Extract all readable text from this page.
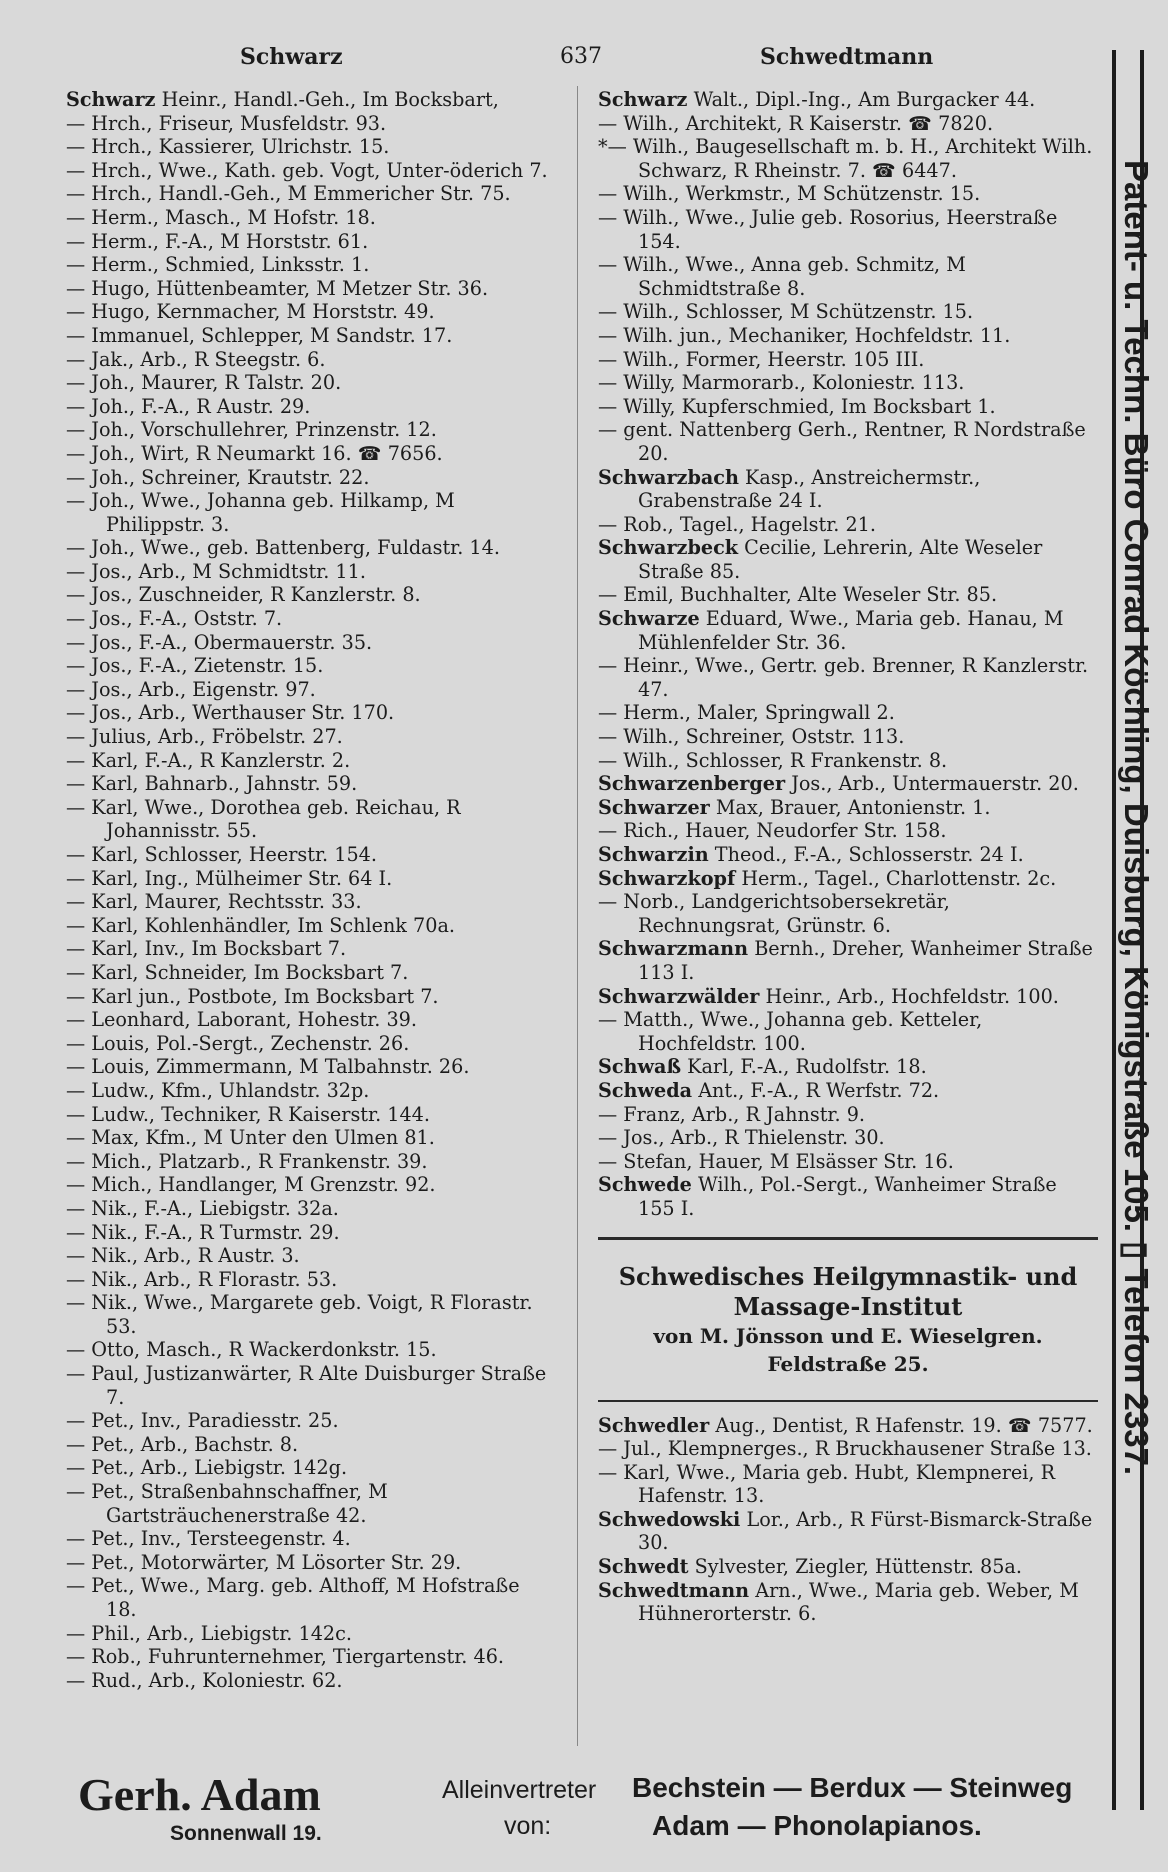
Schwarz	637	Schwedtmann
Schwarz Heinr., Handl.-Geh., Im Bocksbart,
— Hrch., Friseur, Musfeldstr. 93.
— Hrch., Kassierer, Ulrichstr. 15.
— Hrch., Wwe., Kath. geb. Vogt, Unter-öderich 7.
— Hrch., Handl.-Geh., M Emmericher Str. 75.
— Herm., Masch., M Hofstr. 18.
— Herm., F.-A., M Horststr. 61.
— Herm., Schmied, Linksstr. 1.
— Hugo, Hüttenbeamter, M Metzer Str. 36.
— Hugo, Kernmacher, M Horststr. 49.
— Immanuel, Schlepper, M Sandstr. 17.
— Jak., Arb., R Steegstr. 6.
— Joh., Maurer, R Talstr. 20.
— Joh., F.-A., R Austr. 29.
— Joh., Vorschullehrer, Prinzenstr. 12.
— Joh., Wirt, R Neumarkt 16. ☎ 7656.
— Joh., Schreiner, Krautstr. 22.
— Joh., Wwe., Johanna geb. Hilkamp, M Philippstr. 3.
— Joh., Wwe., geb. Battenberg, Fuldastr. 14.
— Jos., Arb., M Schmidtstr. 11.
— Jos., Zuschneider, R Kanzlerstr. 8.
— Jos., F.-A., Oststr. 7.
— Jos., F.-A., Obermauerstr. 35.
— Jos., F.-A., Zietenstr. 15.
— Jos., Arb., Eigenstr. 97.
— Jos., Arb., Werthauser Str. 170.
— Julius, Arb., Fröbelstr. 27.
— Karl, F.-A., R Kanzlerstr. 2.
— Karl, Bahnarb., Jahnstr. 59.
— Karl, Wwe., Dorothea geb. Reichau, R Johannisstr. 55.
— Karl, Schlosser, Heerstr. 154.
— Karl, Ing., Mülheimer Str. 64 I.
— Karl, Maurer, Rechtsstr. 33.
— Karl, Kohlenhändler, Im Schlenk 70a.
— Karl, Inv., Im Bocksbart 7.
— Karl, Schneider, Im Bocksbart 7.
— Karl jun., Postbote, Im Bocksbart 7.
— Leonhard, Laborant, Hohestr. 39.
— Louis, Pol.-Sergt., Zechenstr. 26.
— Louis, Zimmermann, M Talbahnstr. 26.
— Ludw., Kfm., Uhlandstr. 32p.
— Ludw., Techniker, R Kaiserstr. 144.
— Max, Kfm., M Unter den Ulmen 81.
— Mich., Platzarb., R Frankenstr. 39.
— Mich., Handlanger, M Grenzstr. 92.
— Nik., F.-A., Liebigstr. 32a.
— Nik., F.-A., R Turmstr. 29.
— Nik., Arb., R Austr. 3.
— Nik., Arb., R Florastr. 53.
— Nik., Wwe., Margarete geb. Voigt, R Florastr. 53.
— Otto, Masch., R Wackerdonkstr. 15.
— Paul, Justizanwärter, R Alte Duisburger Straße 7.
— Pet., Inv., Paradiesstr. 25.
— Pet., Arb., Bachstr. 8.
— Pet., Arb., Liebigstr. 142g.
— Pet., Straßenbahnschaffner, M Gartsträuchenerstraße 42.
— Pet., Inv., Tersteegenstr. 4.
— Pet., Motorwärter, M Lösorter Str. 29.
— Pet., Wwe., Marg. geb. Althoff, M Hofstraße 18.
— Phil., Arb., Liebigstr. 142c.
— Rob., Fuhrunternehmer, Tiergartenstr. 46.
— Rud., Arb., Koloniestr. 62.
Schwarz Walt., Dipl.-Ing., Am Burgacker 44.
— Wilh., Architekt, R Kaiserstr. ☎ 7820.
*— Wilh., Baugesellschaft m. b. H., Architekt Wilh. Schwarz, R Rheinstr. 7. ☎ 6447.
— Wilh., Werkmstr., M Schützenstr. 15.
— Wilh., Wwe., Julie geb. Rosorius, Heerstraße 154.
— Wilh., Wwe., Anna geb. Schmitz, M Schmidtstraße 8.
— Wilh., Schlosser, M Schützenstr. 15.
— Wilh. jun., Mechaniker, Hochfeldstr. 11.
— Wilh., Former, Heerstr. 105 III.
— Willy, Marmorarb., Koloniestr. 113.
— Willy, Kupferschmied, Im Bocksbart 1.
— gent. Nattenberg Gerh., Rentner, R Nordstraße 20.
Schwarzbach Kasp., Anstreichermstr., Grabenstraße 24 I.
— Rob., Tagel., Hagelstr. 21.
Schwarzbeck Cecilie, Lehrerin, Alte Weseler Straße 85.
— Emil, Buchhalter, Alte Weseler Str. 85.
Schwarze Eduard, Wwe., Maria geb. Hanau, M Mühlenfelder Str. 36.
— Heinr., Wwe., Gertr. geb. Brenner, R Kanzlerstr. 47.
— Herm., Maler, Springwall 2.
— Wilh., Schreiner, Oststr. 113.
— Wilh., Schlosser, R Frankenstr. 8.
Schwarzenberger Jos., Arb., Untermauerstr. 20.
Schwarzer Max, Brauer, Antonienstr. 1.
— Rich., Hauer, Neudorfer Str. 158.
Schwarzin Theod., F.-A., Schlosserstr. 24 I.
Schwarzkopf Herm., Tagel., Charlottenstr. 2c.
— Norb., Landgerichtsobersekretär, Rechnungsrat, Grünstr. 6.
Schwarzmann Bernh., Dreher, Wanheimer Straße 113 I.
Schwarzwälder Heinr., Arb., Hochfeldstr. 100.
— Matth., Wwe., Johanna geb. Ketteler, Hochfeldstr. 100.
Schwaß Karl, F.-A., Rudolfstr. 18.
Schweda Ant., F.-A., R Werfstr. 72.
— Franz, Arb., R Jahnstr. 9.
— Jos., Arb., R Thielenstr. 30.
— Stefan, Hauer, M Elsässer Str. 16.
Schwede Wilh., Pol.-Sergt., Wanheimer Straße 155 I.
Schwedisches Heilgymnastik- und
Massage-Institut
von M. Jönsson und E. Wieselgren.
Feldstraße 25.
Schwedler Aug., Dentist, R Hafenstr. 19. ☎ 7577.
— Jul., Klempnerges., R Bruckhausener Straße 13.
— Karl, Wwe., Maria geb. Hubt, Klempnerei, R Hafenstr. 13.
Schwedowski Lor., Arb., R Fürst-Bismarck-Straße 30.
Schwedt Sylvester, Ziegler, Hüttenstr. 85a.
Schwedtmann Arn., Wwe., Maria geb. Weber, M Hühnerorterstr. 6.
Patent- u. Techn. Büro Conrad Köchling, Duisburg, Königstraße 105. ▯ Telefon 2337.
Gerh. Adam
Sonnenwall 19.
Alleinvertreter
von:
Bechstein — Berdux — Steinweg
Adam — Phonolapianos.
